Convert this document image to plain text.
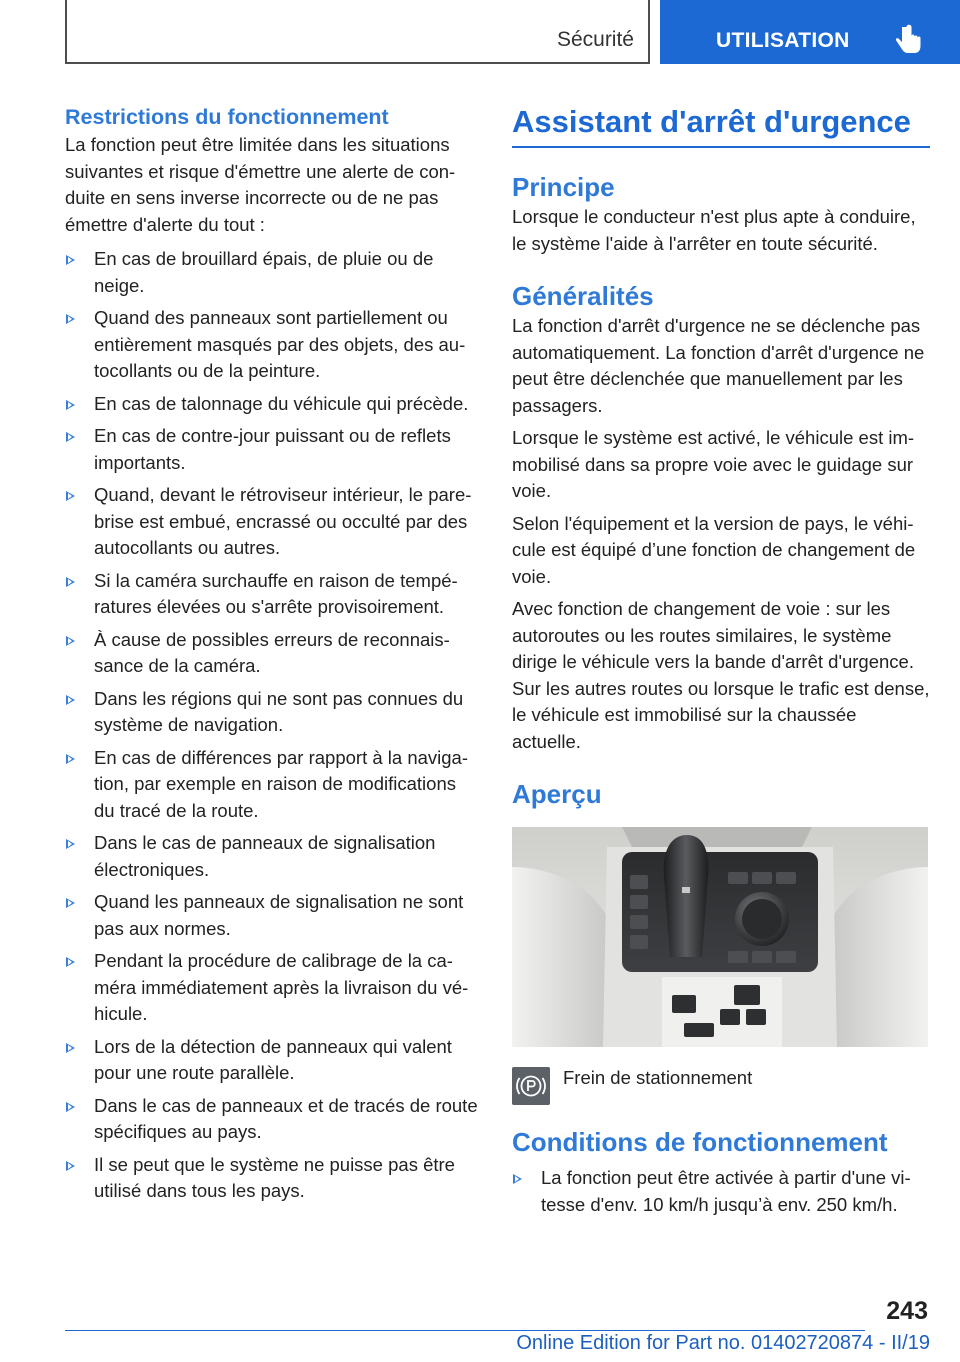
Sécurité	UTILISATION
Restrictions du fonctionnement

La fonction peut être limitée dans les situations suivantes et risque d'émettre une alerte de conduite en sens inverse incorrecte ou de ne pas émettre d'alerte du tout :

En cas de brouillard épais, de pluie ou de neige.
Quand des panneaux sont partiellement ou entièrement masqués par des objets, des autocollants ou de la peinture.
En cas de talonnage du véhicule qui précède.
En cas de contre-jour puissant ou de reflets importants.
Quand, devant le rétroviseur intérieur, le pare-brise est embué, encrassé ou occulté par des autocollants ou autres.
Si la caméra surchauffe en raison de températures élevées ou s'arrête provisoirement.
À cause de possibles erreurs de reconnaissance de la caméra.
Dans les régions qui ne sont pas connues du système de navigation.
En cas de différences par rapport à la navigation, par exemple en raison de modifications du tracé de la route.
Dans le cas de panneaux de signalisation électroniques.
Quand les panneaux de signalisation ne sont pas aux normes.
Pendant la procédure de calibrage de la caméra immédiatement après la livraison du véhicule.
Lors de la détection de panneaux qui valent pour une route parallèle.
Dans le cas de panneaux et de tracés de route spécifiques au pays.
Il se peut que le système ne puisse pas être utilisé dans tous les pays.
Assistant d'arrêt d'urgence
Principe

Lorsque le conducteur n'est plus apte à conduire, le système l'aide à l'arrêter en toute sécurité.

Généralités

La fonction d'arrêt d'urgence ne se déclenche pas automatiquement. La fonction d'arrêt d'urgence ne peut être déclenchée que manuellement par les passagers.

Lorsque le système est activé, le véhicule est immobilisé dans sa propre voie avec le guidage sur voie.

Selon l'équipement et la version de pays, le véhicule est équipé d’une fonction de changement de voie.

Avec fonction de changement de voie : sur les autoroutes ou les routes similaires, le système dirige le véhicule vers la bande d'arrêt d'urgence. Sur les autres routes ou lorsque le trafic est dense, le véhicule est immobilisé sur la chaussée actuelle.

Aperçu
Frein de stationnement
Conditions de fonctionnement
La fonction peut être activée à partir d'une vitesse d'env. 10 km/h jusqu’à env. 250 km/h.
243
Online Edition for Part no. 01402720874 - II/19
